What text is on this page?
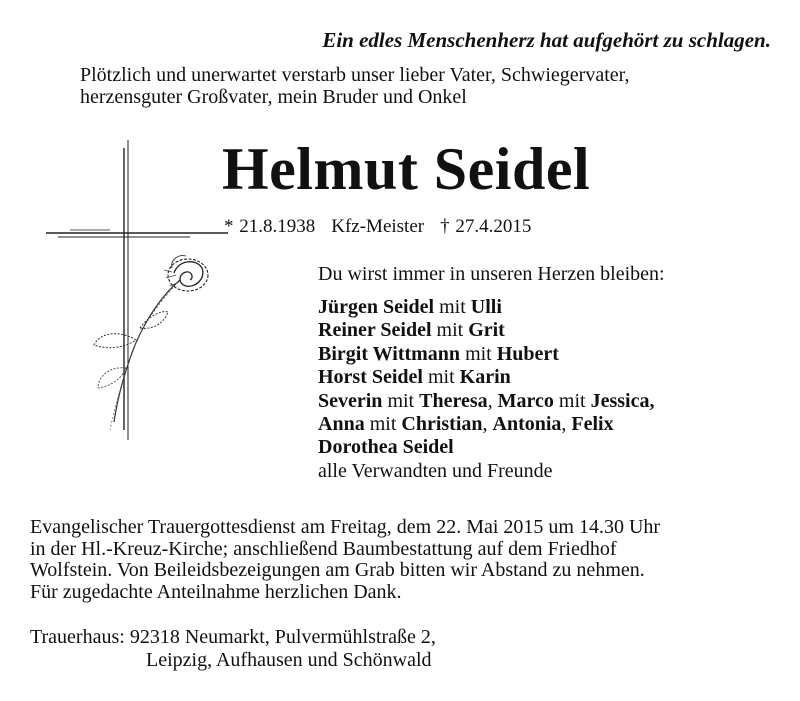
Ein edles Menschenherz hat aufgehört zu schlagen.
Plötzlich und unerwartet verstarb unser lieber Vater, Schwiegervater,
herzensguter Großvater, mein Bruder und Onkel
Helmut Seidel
* 21.8.1938 Kfz-Meister † 27.4.2015
Du wirst immer in unseren Herzen bleiben:
Jürgen Seidel mit Ulli
Reiner Seidel mit Grit
Birgit Wittmann mit Hubert
Horst Seidel mit Karin
Severin mit Theresa, Marco mit Jessica,
Anna mit Christian, Antonia, Felix
Dorothea Seidel
alle Verwandten und Freunde
Evangelischer Trauergottesdienst am Freitag, dem 22. Mai 2015 um 14.30 Uhr
in der Hl.-Kreuz-Kirche; anschließend Baumbestattung auf dem Friedhof
Wolfstein. Von Beileidsbezeigungen am Grab bitten wir Abstand zu nehmen.
Für zugedachte Anteilnahme herzlichen Dank.
Trauerhaus: 92318 Neumarkt, Pulvermühlstraße 2,
Leipzig, Aufhausen und Schönwald
